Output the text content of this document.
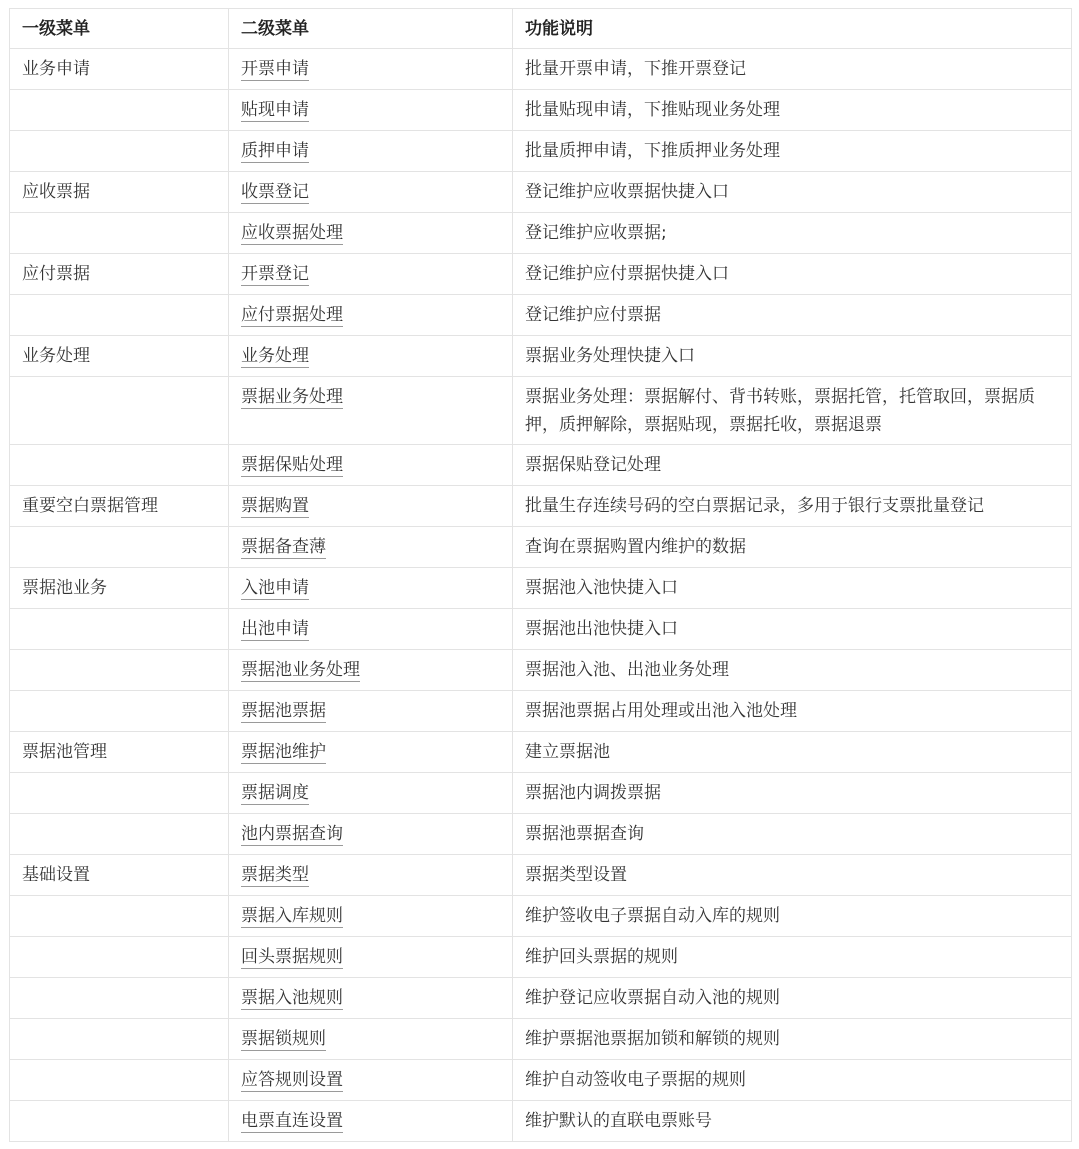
一级菜单	二级菜单	功能说明
业务申请	开票申请	批量开票申请，下推开票登记

	贴现申请	批量贴现申请，下推贴现业务处理

	质押申请	批量质押申请，下推质押业务处理

应收票据	收票登记	登记维护应收票据快捷入口

	应收票据处理	登记维护应收票据;

应付票据	开票登记	登记维护应付票据快捷入口

	应付票据处理	登记维护应付票据

业务处理	业务处理	票据业务处理快捷入口

	票据业务处理	票据业务处理：票据解付、背书转账，票据托管，托管取回，票据质押，质押解除，票据贴现，票据托收，票据退票

	票据保贴处理	票据保贴登记处理

重要空白票据管理	票据购置	批量生存连续号码的空白票据记录，多用于银行支票批量登记

	票据备查薄	查询在票据购置内维护的数据

票据池业务	入池申请	票据池入池快捷入口

	出池申请	票据池出池快捷入口

	票据池业务处理	票据池入池、出池业务处理

	票据池票据	票据池票据占用处理或出池入池处理

票据池管理	票据池维护	建立票据池

	票据调度	票据池内调拨票据

	池内票据查询	票据池票据查询

基础设置	票据类型	票据类型设置

	票据入库规则	维护签收电子票据自动入库的规则

	回头票据规则	维护回头票据的规则

	票据入池规则	维护登记应收票据自动入池的规则

	票据锁规则	维护票据池票据加锁和解锁的规则

	应答规则设置	维护自动签收电子票据的规则

	电票直连设置	维护默认的直联电票账号
